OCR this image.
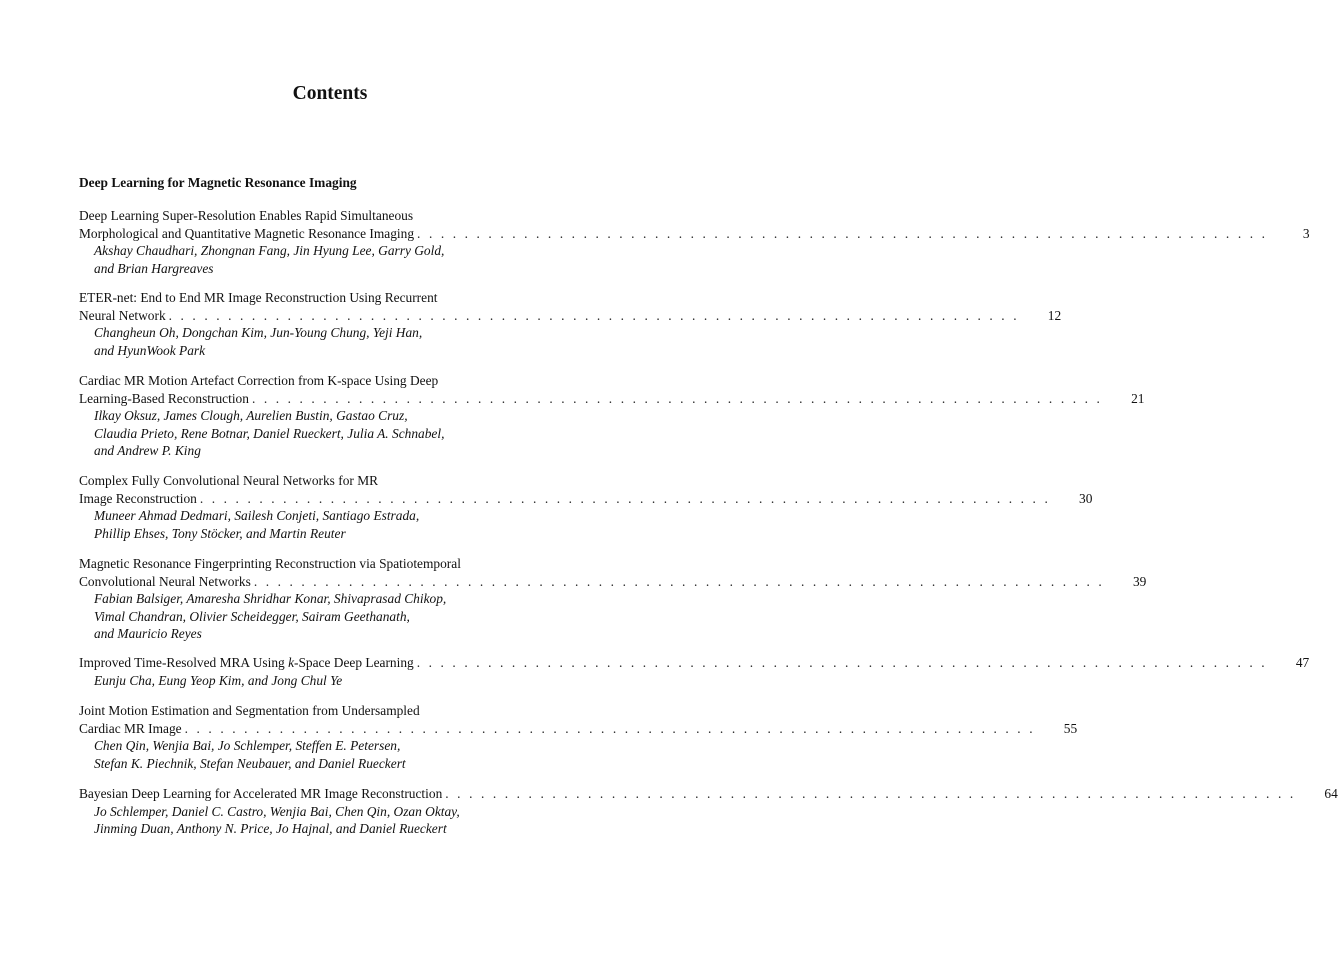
Contents
Deep Learning for Magnetic Resonance Imaging
Deep Learning Super-Resolution Enables Rapid Simultaneous
Morphological and Quantitative Magnetic Resonance Imaging . . . . . . . . . . . . . . . . . . . . . . . . . . . . . . . . . . . . . . . . . . . . . . . . . . . . . . . . . . . . . . . . . . . . . . . .	3
Akshay Chaudhari, Zhongnan Fang, Jin Hyung Lee, Garry Gold,
and Brian Hargreaves
ETER-net: End to End MR Image Reconstruction Using Recurrent
Neural Network . . . . . . . . . . . . . . . . . . . . . . . . . . . . . . . . . . . . . . . . . . . . . . . . . . . . . . . . . . . . . . . . . . . . . . . .	12
Changheun Oh, Dongchan Kim, Jun-Young Chung, Yeji Han,
and HyunWook Park
Cardiac MR Motion Artefact Correction from K-space Using Deep
Learning-Based Reconstruction . . . . . . . . . . . . . . . . . . . . . . . . . . . . . . . . . . . . . . . . . . . . . . . . . . . . . . . . . . . . . . . . . . . . . . . .	21
Ilkay Oksuz, James Clough, Aurelien Bustin, Gastao Cruz,
Claudia Prieto, Rene Botnar, Daniel Rueckert, Julia A. Schnabel,
and Andrew P. King
Complex Fully Convolutional Neural Networks for MR
Image Reconstruction . . . . . . . . . . . . . . . . . . . . . . . . . . . . . . . . . . . . . . . . . . . . . . . . . . . . . . . . . . . . . . . . . . . . . . . .	30
Muneer Ahmad Dedmari, Sailesh Conjeti, Santiago Estrada,
Phillip Ehses, Tony Stöcker, and Martin Reuter
Magnetic Resonance Fingerprinting Reconstruction via Spatiotemporal
Convolutional Neural Networks . . . . . . . . . . . . . . . . . . . . . . . . . . . . . . . . . . . . . . . . . . . . . . . . . . . . . . . . . . . . . . . . . . . . . . . .	39
Fabian Balsiger, Amaresha Shridhar Konar, Shivaprasad Chikop,
Vimal Chandran, Olivier Scheidegger, Sairam Geethanath,
and Mauricio Reyes
Improved Time-Resolved MRA Using k-Space Deep Learning . . . . . . . . . . . . . . . . . . . . . . . . . . . . . . . . . . . . . . . . . . . . . . . . . . . . . . . . . . . . . . . . . . . . . . . .	47
Eunju Cha, Eung Yeop Kim, and Jong Chul Ye
Joint Motion Estimation and Segmentation from Undersampled
Cardiac MR Image . . . . . . . . . . . . . . . . . . . . . . . . . . . . . . . . . . . . . . . . . . . . . . . . . . . . . . . . . . . . . . . . . . . . . . . .	55
Chen Qin, Wenjia Bai, Jo Schlemper, Steffen E. Petersen,
Stefan K. Piechnik, Stefan Neubauer, and Daniel Rueckert
Bayesian Deep Learning for Accelerated MR Image Reconstruction . . . . . . . . . . . . . . . . . . . . . . . . . . . . . . . . . . . . . . . . . . . . . . . . . . . . . . . . . . . . . . . . . . . . . . . .	64
Jo Schlemper, Daniel C. Castro, Wenjia Bai, Chen Qin, Ozan Oktay,
Jinming Duan, Anthony N. Price, Jo Hajnal, and Daniel Rueckert
